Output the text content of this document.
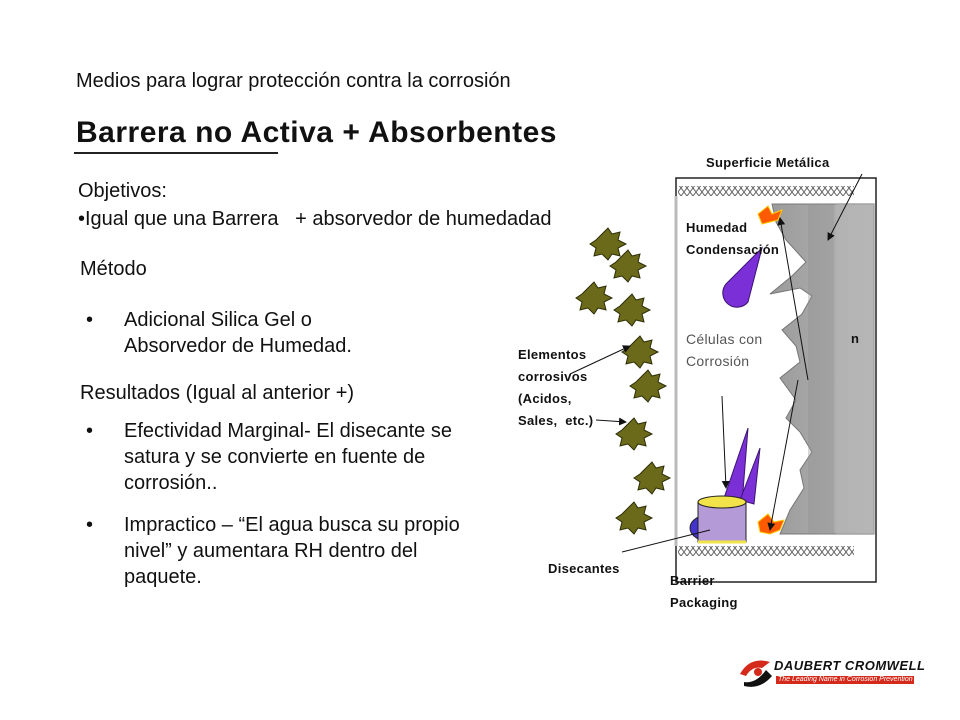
Medios para lograr protección contra la corrosión
Barrera no Activa + Absorbentes
Objetivos:
•Igual que una Barrera   + absorvedor de humedadad
Método
• Adicional Silica Gel o Absorvedor de Humedad.
Resultados (Igual al anterior +)
• Efectividad Marginal- El disecante se satura y se convierte en fuente de corrosión..
• Impractico – “El agua busca su propio nivel” y aumentara RH dentro del paquete.
Superficie Metálica
Humedad
Condensación
Células con
Corrosión
n
Elementos
corrosivos
(Acidos,
Sales,  etc.)
Disecantes
Barrier
Packaging
DAUBERT CROMWELL
The Leading Name in Corrosion Prevention
